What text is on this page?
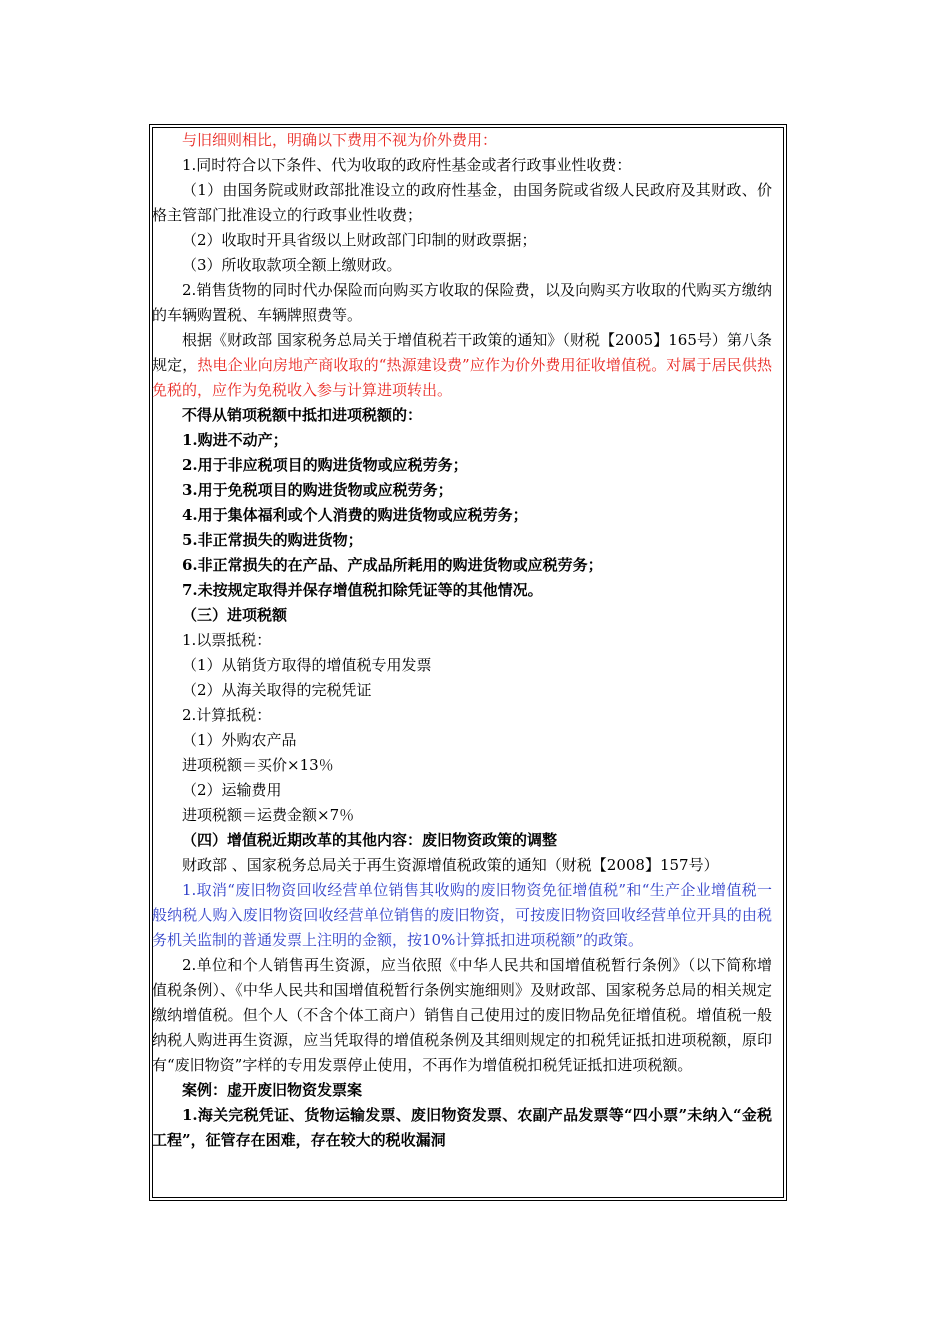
与旧细则相比，明确以下费用不视为价外费用：

1.同时符合以下条件、代为收取的政府性基金或者行政事业性收费：

（1）由国务院或财政部批准设立的政府性基金，由国务院或省级人民政府及其财政、价格主管部门批准设立的行政事业性收费；

（2）收取时开具省级以上财政部门印制的财政票据；

（3）所收取款项全额上缴财政。

2.销售货物的同时代办保险而向购买方收取的保险费，以及向购买方收取的代购买方缴纳的车辆购置税、车辆牌照费等。

根据《财政部 国家税务总局关于增值税若干政策的通知》（财税【2005】165号）第八条规定，热电企业向房地产商收取的“热源建设费”应作为价外费用征收增值税。对属于居民供热免税的，应作为免税收入参与计算进项转出。

不得从销项税额中抵扣进项税额的：

1.购进不动产；

2.用于非应税项目的购进货物或应税劳务；

3.用于免税项目的购进货物或应税劳务；

4.用于集体福利或个人消费的购进货物或应税劳务；

5.非正常损失的购进货物；

6.非正常损失的在产品、产成品所耗用的购进货物或应税劳务；

7.未按规定取得并保存增值税扣除凭证等的其他情况。

（三）进项税额

1.以票抵税：

（1）从销货方取得的增值税专用发票

（2）从海关取得的完税凭证

2.计算抵税：

（1）外购农产品

进项税额＝买价×13％

（2）运输费用

进项税额＝运费金额×7％

（四）增值税近期改革的其他内容：废旧物资政策的调整

财政部 、国家税务总局关于再生资源增值税政策的通知（财税【2008】157号）

1.取消“废旧物资回收经营单位销售其收购的废旧物资免征增值税”和“生产企业增值税一般纳税人购入废旧物资回收经营单位销售的废旧物资，可按废旧物资回收经营单位开具的由税务机关监制的普通发票上注明的金额，按10%计算抵扣进项税额”的政策。

2.单位和个人销售再生资源，应当依照《中华人民共和国增值税暂行条例》（以下简称增值税条例）、《中华人民共和国增值税暂行条例实施细则》及财政部、国家税务总局的相关规定缴纳增值税。但个人（不含个体工商户）销售自己使用过的废旧物品免征增值税。增值税一般纳税人购进再生资源，应当凭取得的增值税条例及其细则规定的扣税凭证抵扣进项税额，原印有“废旧物资”字样的专用发票停止使用，不再作为增值税扣税凭证抵扣进项税额。

案例：虚开废旧物资发票案

1.海关完税凭证、货物运输发票、废旧物资发票、农副产品发票等“四小票”未纳入“金税工程”，征管存在困难，存在较大的税收漏洞
